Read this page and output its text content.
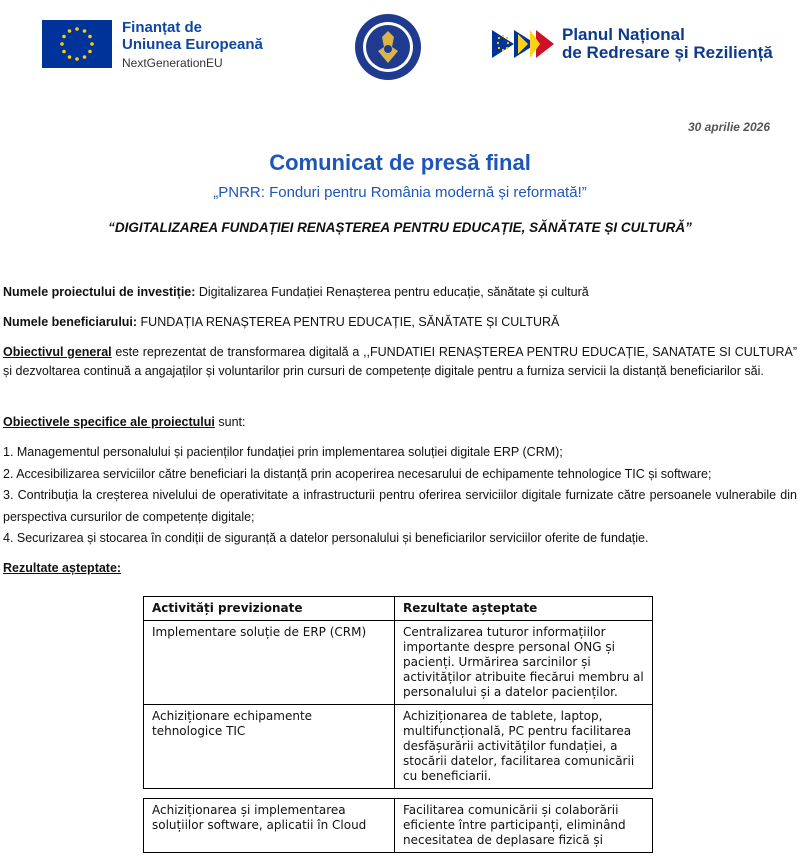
Finanțat de
Uniunea Europeană
NextGenerationEU
Planul Național
de Redresare și Reziliență
30 aprilie 2026
Comunicat de presă final
„PNRR: Fonduri pentru România modernă și reformată!”
“DIGITALIZAREA FUNDAȚIEI RENAȘTEREA PENTRU EDUCAȚIE, SĂNĂTATE ȘI CULTURĂ”
Numele proiectului de investiție: Digitalizarea Fundației Renașterea pentru educație, sănătate și cultură
Numele beneficiarului: FUNDAȚIA RENAȘTEREA PENTRU EDUCAȚIE, SĂNĂTATE ȘI CULTURĂ
Obiectivul general este reprezentat de transformarea digitală a ,,FUNDATIEI RENAȘTEREA PENTRU EDUCAȚIE, SANATATE SI CULTURA” și dezvoltarea continuă a angajaților și voluntarilor prin cursuri de competențe digitale pentru a furniza servicii la distanță beneficiarilor săi.
Obiectivele specifice ale proiectului sunt:
1. Managementul personalului și pacienților fundației prin implementarea soluției digitale ERP (CRM);
2. Accesibilizarea serviciilor către beneficiari la distanță prin acoperirea necesarului de echipamente tehnologice TIC și software;
3. Contribuția la creșterea nivelului de operativitate a infrastructurii pentru oferirea serviciilor digitale furnizate către persoanele vulnerabile din perspectiva cursurilor de competențe digitale;
4. Securizarea și stocarea în condiții de siguranță a datelor personalului și beneficiarilor serviciilor oferite de fundație.
Rezultate așteptate:
Activități previzionate	Rezultate așteptate
Implementare soluție de ERP (CRM)	Centralizarea tuturor informațiilor importante despre personal ONG și pacienți. Urmărirea sarcinilor și activităților atribuite fiecărui membru al personalului și a datelor pacienților.
Achiziționare echipamente tehnologice TIC	Achiziționarea de tablete, laptop, multifuncțională, PC pentru facilitarea desfășurării activităților fundației, a stocării datelor, facilitarea comunicării cu beneficiarii.
Achiziționarea și implementarea soluțiilor software, aplicatii în Cloud	Facilitarea comunicării și colaborării eficiente între participanți, eliminând necesitatea de deplasare fizică și
